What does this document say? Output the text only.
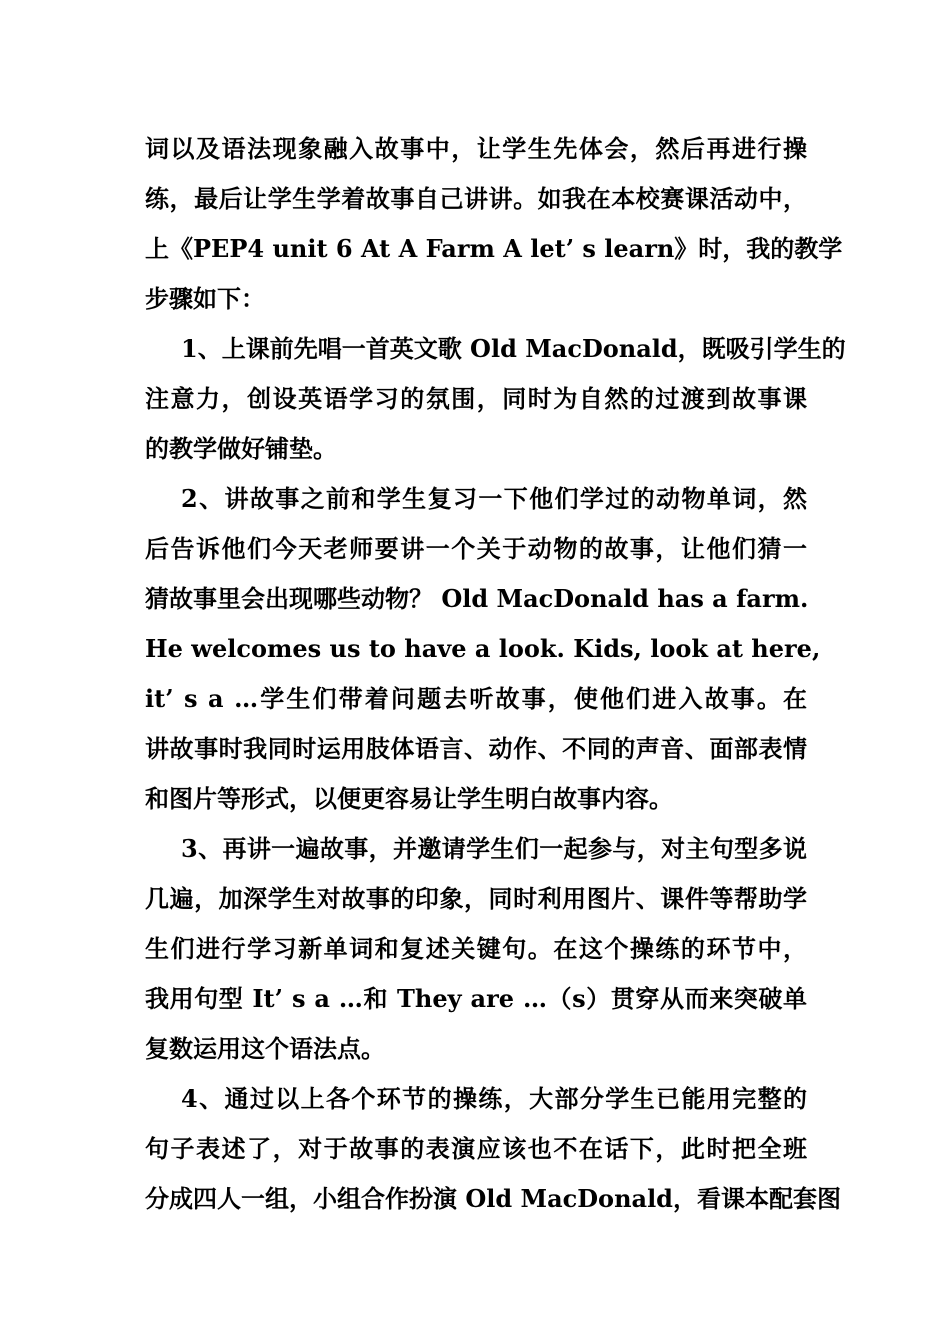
词以及语法现象融入故事中，让学生先体会，然后再进行操
练，最后让学生学着故事自己讲讲。如我在本校赛课活动中，
上《PEP4 unit 6 At A Farm A let’ s learn》时，我的教学
步骤如下：
1、上课前先唱一首英文歌 Old MacDonald，既吸引学生的
注意力，创设英语学习的氛围，同时为自然的过渡到故事课
的教学做好铺垫。
2、讲故事之前和学生复习一下他们学过的动物单词，然
后告诉他们今天老师要讲一个关于动物的故事，让他们猜一
猜故事里会出现哪些动物？ Old MacDonald has a farm.
He welcomes us to have a look. Kids, look at here,
it’ s a …学生们带着问题去听故事，使他们进入故事。在
讲故事时我同时运用肢体语言、动作、不同的声音、面部表情
和图片等形式，以便更容易让学生明白故事内容。
3、再讲一遍故事，并邀请学生们一起参与，对主句型多说
几遍，加深学生对故事的印象，同时利用图片、课件等帮助学
生们进行学习新单词和复述关键句。在这个操练的环节中，
我用句型 It’ s a …和 They are …（s）贯穿从而来突破单
复数运用这个语法点。
4、通过以上各个环节的操练，大部分学生已能用完整的
句子表述了，对于故事的表演应该也不在话下，此时把全班
分成四人一组，小组合作扮演 Old MacDonald，看课本配套图
